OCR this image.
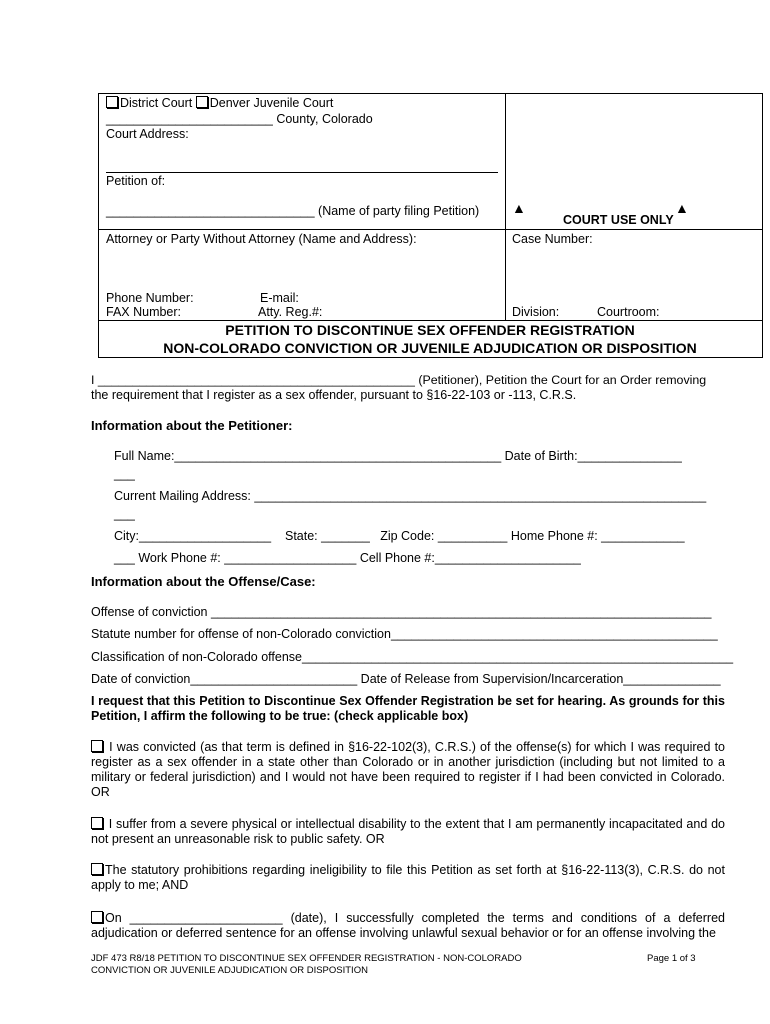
District Court Denver Juvenile Court
________________________ County, Colorado
Court Address:
Petition of:
______________________________ (Name of party filing Petition) ▲
COURT USE ONLY
▲
Attorney or Party Without Attorney (Name and Address):	Case Number:
Phone Number:	E-mail:
FAX Number:	Atty. Reg.#:	Division:	Courtroom:
PETITION TO DISCONTINUE SEX OFFENDER REGISTRATION
NON-COLORADO CONVICTION OR JUVENILE ADJUDICATION OR DISPOSITION
I ______________________________________________ (Petitioner), Petition the Court for an Order removing
the requirement that I register as a sex offender, pursuant to §16-22-103 or -113, C.R.S.
Information about the Petitioner:
Full Name:_______________________________________________ Date of Birth:_______________
___
Current Mailing Address: _________________________________________________________________
___
City:___________________    State: _______   Zip Code: __________ Home Phone #: ____________
___ Work Phone #: ___________________ Cell Phone #:_____________________
Information about the Offense/Case:
Offense of conviction ________________________________________________________________________
Statute number for offense of non-Colorado conviction_______________________________________________
Classification of non-Colorado offense______________________________________________________________
Date of conviction________________________ Date of Release from Supervision/Incarceration______________
I request that this Petition to Discontinue Sex Offender Registration be set for hearing. As grounds for this Petition, I affirm the following to be true: (check applicable box)
I was convicted (as that term is defined in §16-22-102(3), C.R.S.) of the offense(s) for which I was required to register as a sex offender in a state other than Colorado or in another jurisdiction (including but not limited to a military or federal jurisdiction) and I would not have been required to register if I had been convicted in Colorado. OR
I suffer from a severe physical or intellectual disability to the extent that I am permanently incapacitated and do not present an unreasonable risk to public safety. OR
The statutory prohibitions regarding ineligibility to file this Petition as set forth at §16-22-113(3), C.R.S. do not apply to me; AND
On ______________________ (date), I successfully completed the terms and conditions of a deferred adjudication or deferred sentence for an offense involving unlawful sexual behavior or for an offense involving the
JDF 473 R8/18 PETITION TO DISCONTINUE SEX OFFENDER REGISTRATION - NON-COLORADO
CONVICTION OR JUVENILE ADJUDICATION OR DISPOSITION
Page 1 of 3
